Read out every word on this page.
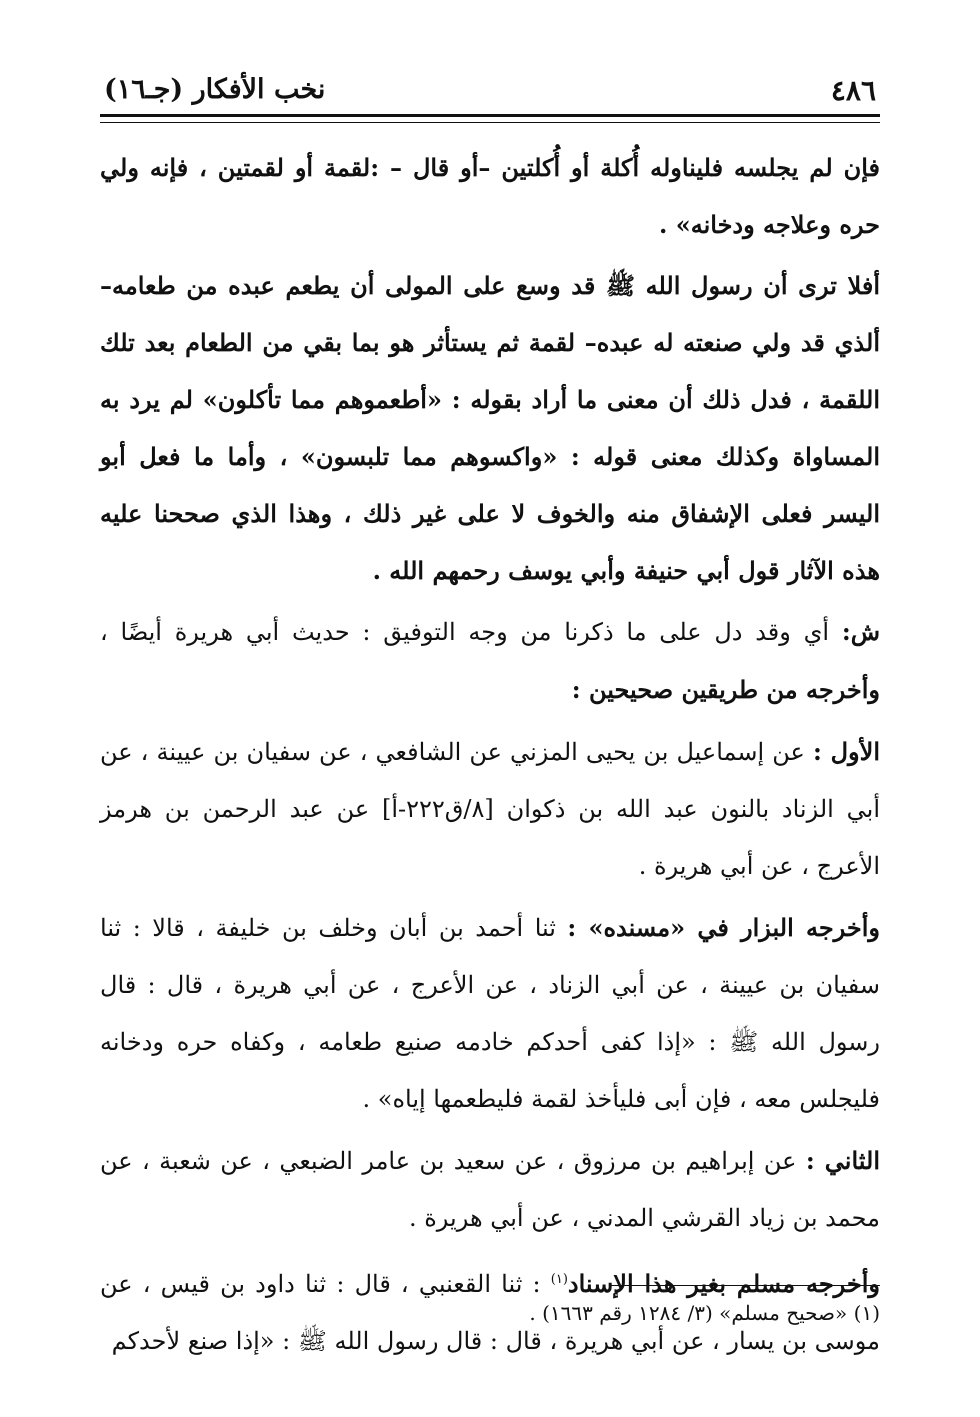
٤٨٦
نخب الأفكار (جـ١٦)

فإن لم يجلسه فليناوله أُكلة أو أُكلتين –أو قال – :لقمة أو لقمتين ، فإنه ولي حره وعلاجه ودخانه» .

أفلا ترى أن رسول الله ﷺ قد وسع على المولى أن يطعم عبده من طعامه– ألذي قد ولي صنعته له عبده– لقمة ثم يستأثر هو بما بقي من الطعام بعد تلك اللقمة ، فدل ذلك أن معنى ما أراد بقوله : «أطعموهم مما تأكلون» لم يرد به المساواة وكذلك معنى قوله : «واكسوهم مما تلبسون» ، وأما ما فعل أبو اليسر فعلى الإشفاق منه والخوف لا على غير ذلك ، وهذا الذي صححنا عليه هذه الآثار قول أبي حنيفة وأبي يوسف رحمهم الله .

ش: أي وقد دل على ما ذكرنا من وجه التوفيق : حديث أبي هريرة أيضًا ، وأخرجه من طريقين صحيحين :

الأول : عن إسماعيل بن يحيى المزني عن الشافعي ، عن سفيان بن عيينة ، عن أبي الزناد بالنون عبد الله بن ذكوان [٨/ق٢٢٢-أ] عن عبد الرحمن بن هرمز الأعرج ، عن أبي هريرة .

وأخرجه البزار في «مسنده» : ثنا أحمد بن أبان وخلف بن خليفة ، قالا : ثنا سفيان بن عيينة ، عن أبي الزناد ، عن الأعرج ، عن أبي هريرة ، قال : قال رسول الله ﷺ : «إذا كفى أحدكم خادمه صنيع طعامه ، وكفاه حره ودخانه فليجلس معه ، فإن أبى فليأخذ لقمة فليطعمها إياه» .

الثاني : عن إبراهيم بن مرزوق ، عن سعيد بن عامر الضبعي ، عن شعبة ، عن محمد بن زياد القرشي المدني ، عن أبي هريرة .

وأخرجه مسلم بغير هذا الإسناد$^{(١)}$ : ثنا القعنبي ، قال : ثنا داود بن قيس ، عن موسى بن يسار ، عن أبي هريرة ، قال : قال رسول الله ﷺ : «إذا صنع لأحدكم

(١) «صحيح مسلم» (٣/ ١٢٨٤ رقم ١٦٦٣) .
